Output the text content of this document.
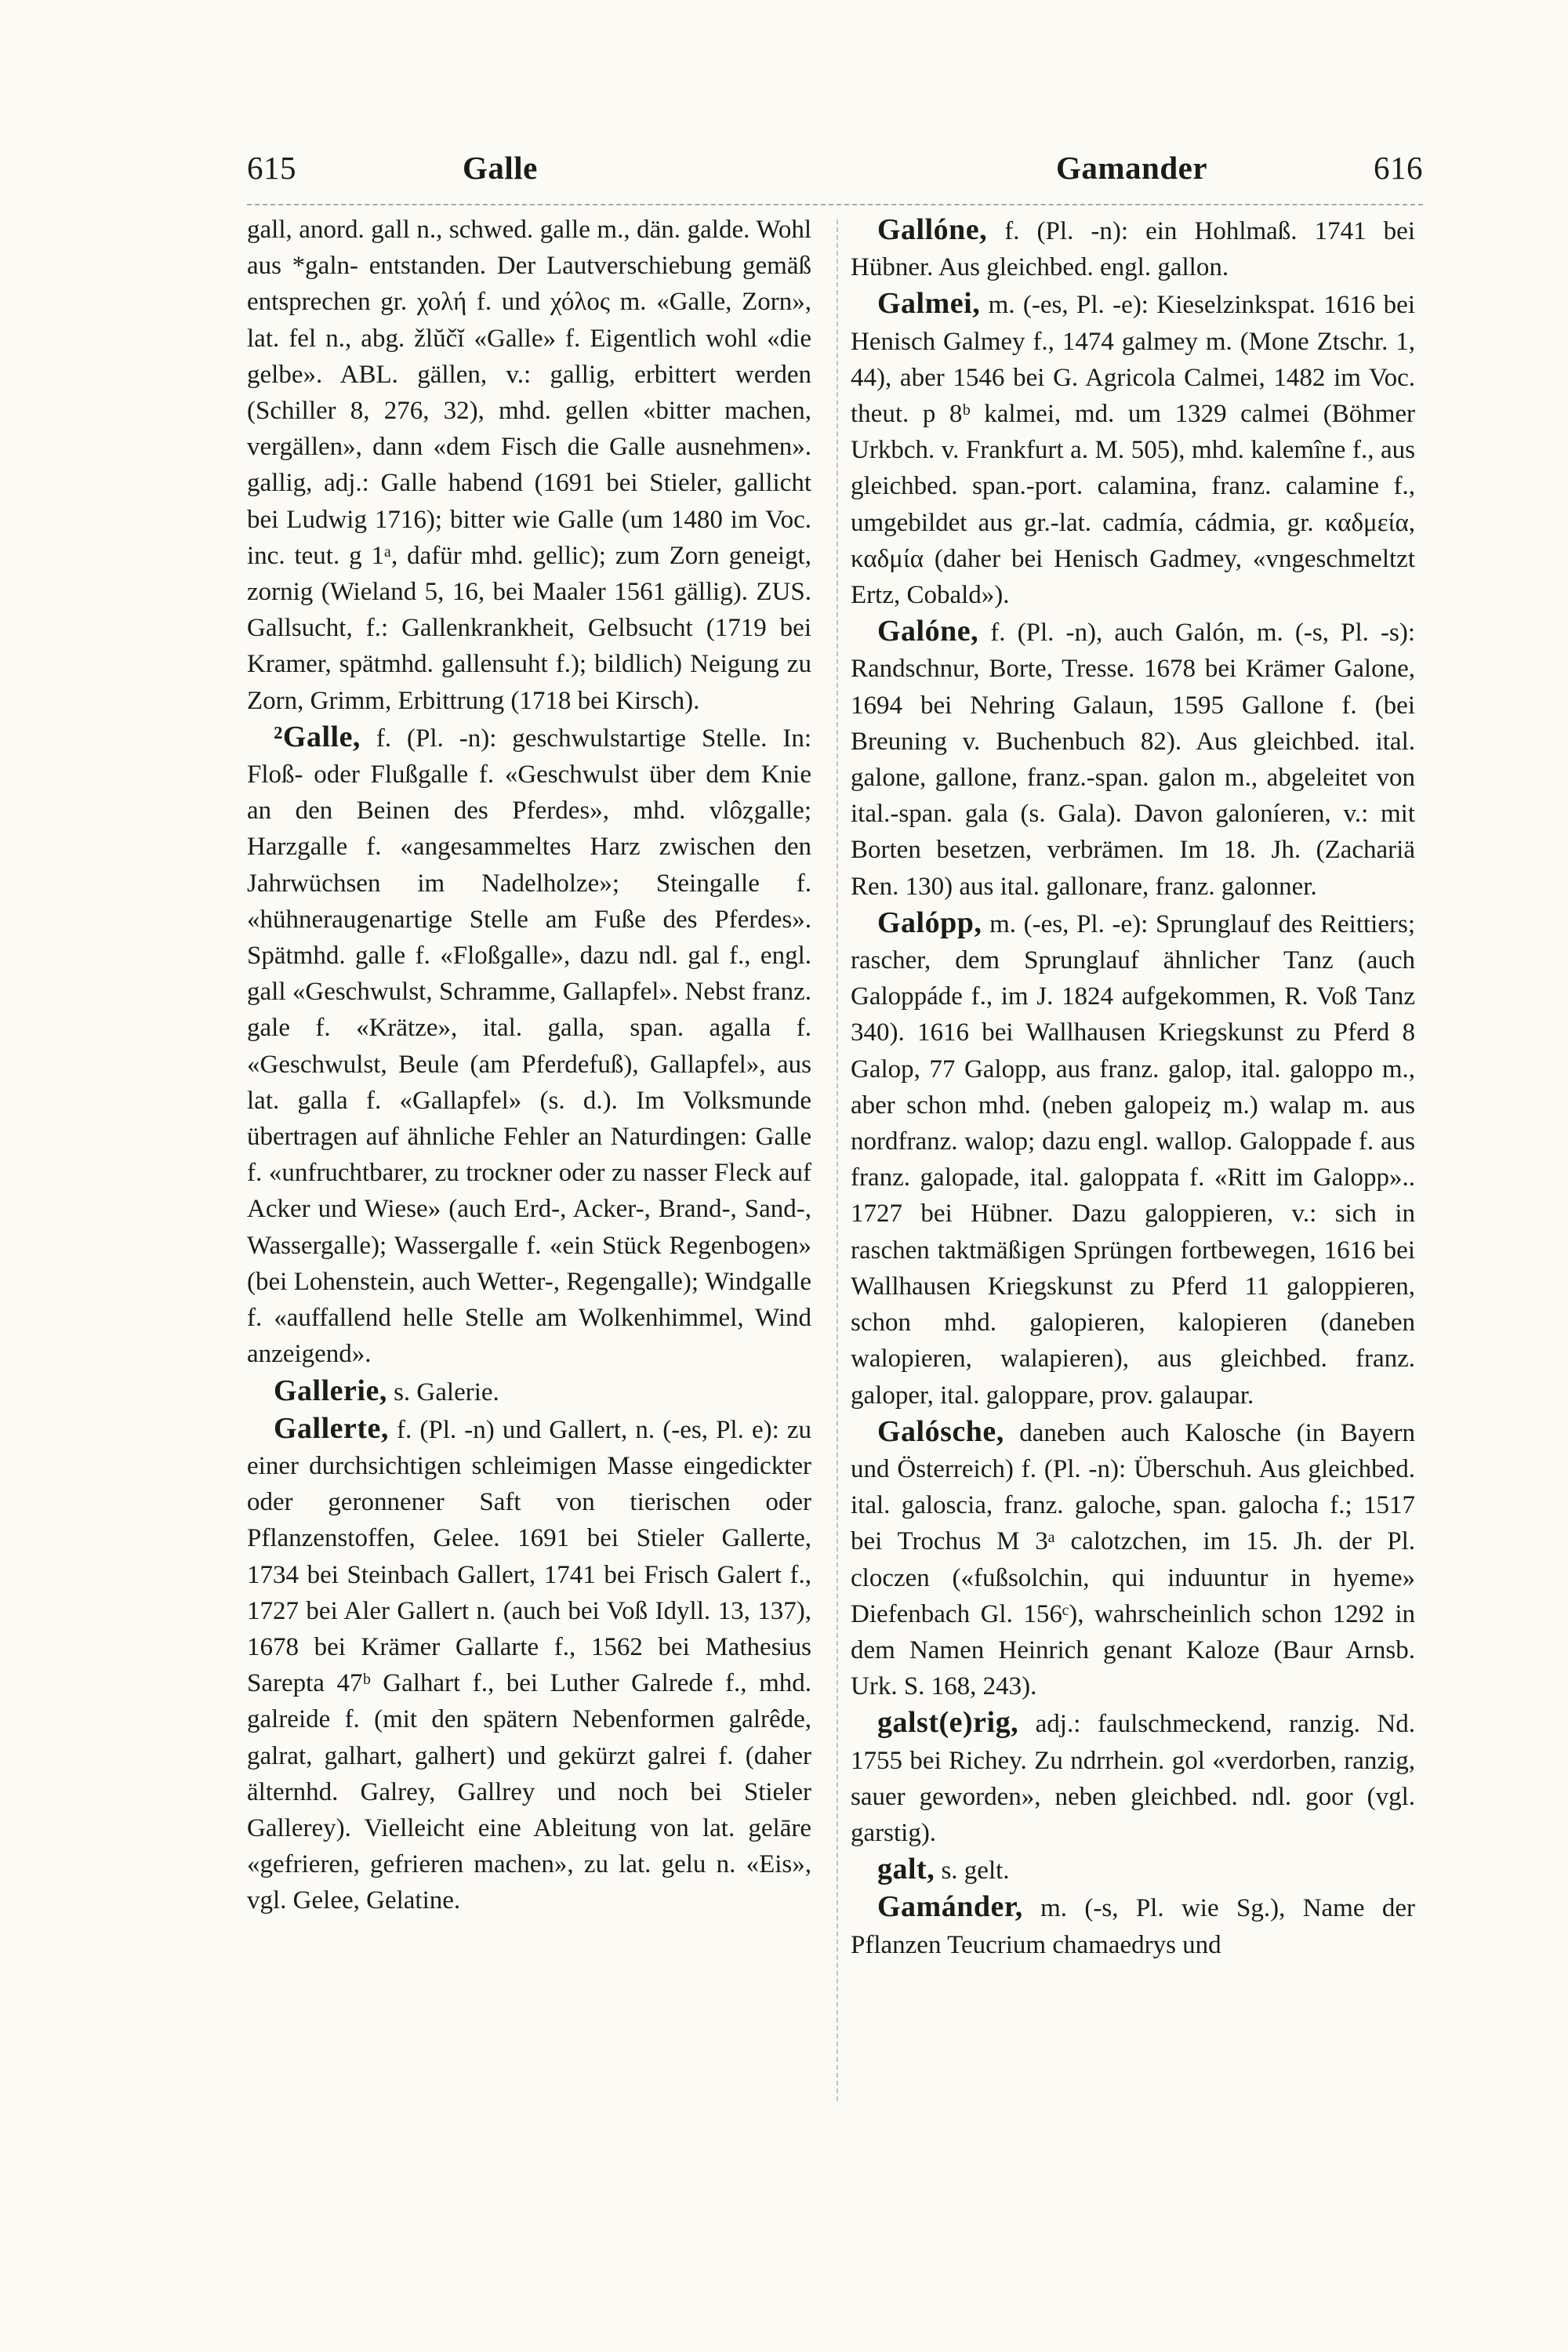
615	Galle	Gamander	616

gall, anord. gall n., schwed. galle m., dän. galde. Wohl aus *galn- entstanden. Der Lautverschiebung gemäß entsprechen gr. χολή f. und χόλος m. «Galle, Zorn», lat. fel n., abg. žlŭčĭ «Galle» f. Eigentlich wohl «die gelbe». ABL. gällen, v.: gallig, erbittert werden (Schiller 8, 276, 32), mhd. gellen «bitter machen, vergällen», dann «dem Fisch die Galle ausnehmen». gallig, adj.: Galle habend (1691 bei Stieler, gallicht bei Ludwig 1716); bitter wie Galle (um 1480 im Voc. inc. teut. g 1ᵃ, dafür mhd. gellic); zum Zorn geneigt, zornig (Wieland 5, 16, bei Maaler 1561 gällig). ZUS. Gallsucht, f.: Gallenkrankheit, Gelbsucht (1719 bei Kramer, spätmhd. gallensuht f.); bildlich) Neigung zu Zorn, Grimm, Erbittrung (1718 bei Kirsch).

²Galle, f. (Pl. -n): geschwulstartige Stelle. In: Floß- oder Flußgalle f. «Geschwulst über dem Knie an den Beinen des Pferdes», mhd. vlôȥgalle; Harzgalle f. «angesammeltes Harz zwischen den Jahrwüchsen im Nadelholze»; Steingalle f. «hühneraugenartige Stelle am Fuße des Pferdes». Spätmhd. galle f. «Floßgalle», dazu ndl. gal f., engl. gall «Geschwulst, Schramme, Gallapfel». Nebst franz. gale f. «Krätze», ital. galla, span. agalla f. «Geschwulst, Beule (am Pferdefuß), Gallapfel», aus lat. galla f. «Gallapfel» (s. d.). Im Volksmunde übertragen auf ähnliche Fehler an Naturdingen: Galle f. «unfruchtbarer, zu trockner oder zu nasser Fleck auf Acker und Wiese» (auch Erd-, Acker-, Brand-, Sand-, Wassergalle); Wassergalle f. «ein Stück Regenbogen» (bei Lohenstein, auch Wetter-, Regengalle); Windgalle f. «auffallend helle Stelle am Wolkenhimmel, Wind anzeigend».

Gallerie, s. Galerie.

Gallerte, f. (Pl. -n) und Gallert, n. (-es, Pl. e): zu einer durchsichtigen schleimigen Masse eingedickter oder geronnener Saft von tierischen oder Pflanzenstoffen, Gelee. 1691 bei Stieler Gallerte, 1734 bei Steinbach Gallert, 1741 bei Frisch Galert f., 1727 bei Aler Gallert n. (auch bei Voß Idyll. 13, 137), 1678 bei Krämer Gallarte f., 1562 bei Mathesius Sarepta 47ᵇ Galhart f., bei Luther Galrede f., mhd. galreide f. (mit den spätern Nebenformen galrêde, galrat, galhart, galhert) und gekürzt galrei f. (daher älternhd. Galrey, Gallrey und noch bei Stieler Gallerey). Vielleicht eine Ableitung von lat. gelāre «gefrieren, gefrieren machen», zu lat. gelu n. «Eis», vgl. Gelee, Gelatine.

Gallóne, f. (Pl. -n): ein Hohlmaß. 1741 bei Hübner. Aus gleichbed. engl. gallon.

Galmei, m. (-es, Pl. -e): Kieselzinkspat. 1616 bei Henisch Galmey f., 1474 galmey m. (Mone Ztschr. 1, 44), aber 1546 bei G. Agricola Calmei, 1482 im Voc. theut. p 8ᵇ kalmei, md. um 1329 calmei (Böhmer Urkbch. v. Frankfurt a. M. 505), mhd. kalemîne f., aus gleichbed. span.-port. calamina, franz. calamine f., umgebildet aus gr.-lat. cadmía, cádmia, gr. καδμεία, καδμία (daher bei Henisch Gadmey, «vngeschmeltzt Ertz, Cobald»).

Galóne, f. (Pl. -n), auch Galón, m. (-s, Pl. -s): Randschnur, Borte, Tresse. 1678 bei Krämer Galone, 1694 bei Nehring Galaun, 1595 Gallone f. (bei Breuning v. Buchenbuch 82). Aus gleichbed. ital. galone, gallone, franz.-span. galon m., abgeleitet von ital.-span. gala (s. Gala). Davon galoníeren, v.: mit Borten besetzen, verbrämen. Im 18. Jh. (Zachariä Ren. 130) aus ital. gallonare, franz. galonner.

Galópp, m. (-es, Pl. -e): Sprunglauf des Reittiers; rascher, dem Sprunglauf ähnlicher Tanz (auch Galoppáde f., im J. 1824 aufgekommen, R. Voß Tanz 340). 1616 bei Wallhausen Kriegskunst zu Pferd 8 Galop, 77 Galopp, aus franz. galop, ital. galoppo m., aber schon mhd. (neben galopeiȥ m.) walap m. aus nordfranz. walop; dazu engl. wallop. Galoppade f. aus franz. galopade, ital. galoppata f. «Ritt im Galopp».. 1727 bei Hübner. Dazu galoppieren, v.: sich in raschen taktmäßigen Sprüngen fortbewegen, 1616 bei Wallhausen Kriegskunst zu Pferd 11 galoppieren, schon mhd. galopieren, kalopieren (daneben walopieren, walapieren), aus gleichbed. franz. galoper, ital. galoppare, prov. galaupar.

Galósche, daneben auch Kalosche (in Bayern und Österreich) f. (Pl. -n): Überschuh. Aus gleichbed. ital. galoscia, franz. galoche, span. galocha f.; 1517 bei Trochus M 3ᵃ calotzchen, im 15. Jh. der Pl. cloczen («fußsolchin, qui induuntur in hyeme» Diefenbach Gl. 156ᶜ), wahrscheinlich schon 1292 in dem Namen Heinrich genant Kaloze (Baur Arnsb. Urk. S. 168, 243).

galst(e)rig, adj.: faulschmeckend, ranzig. Nd. 1755 bei Richey. Zu ndrrhein. gol «verdorben, ranzig, sauer geworden», neben gleichbed. ndl. goor (vgl. garstig).

galt, s. gelt.

Gamánder, m. (-s, Pl. wie Sg.), Name der Pflanzen Teucrium chamaedrys und
